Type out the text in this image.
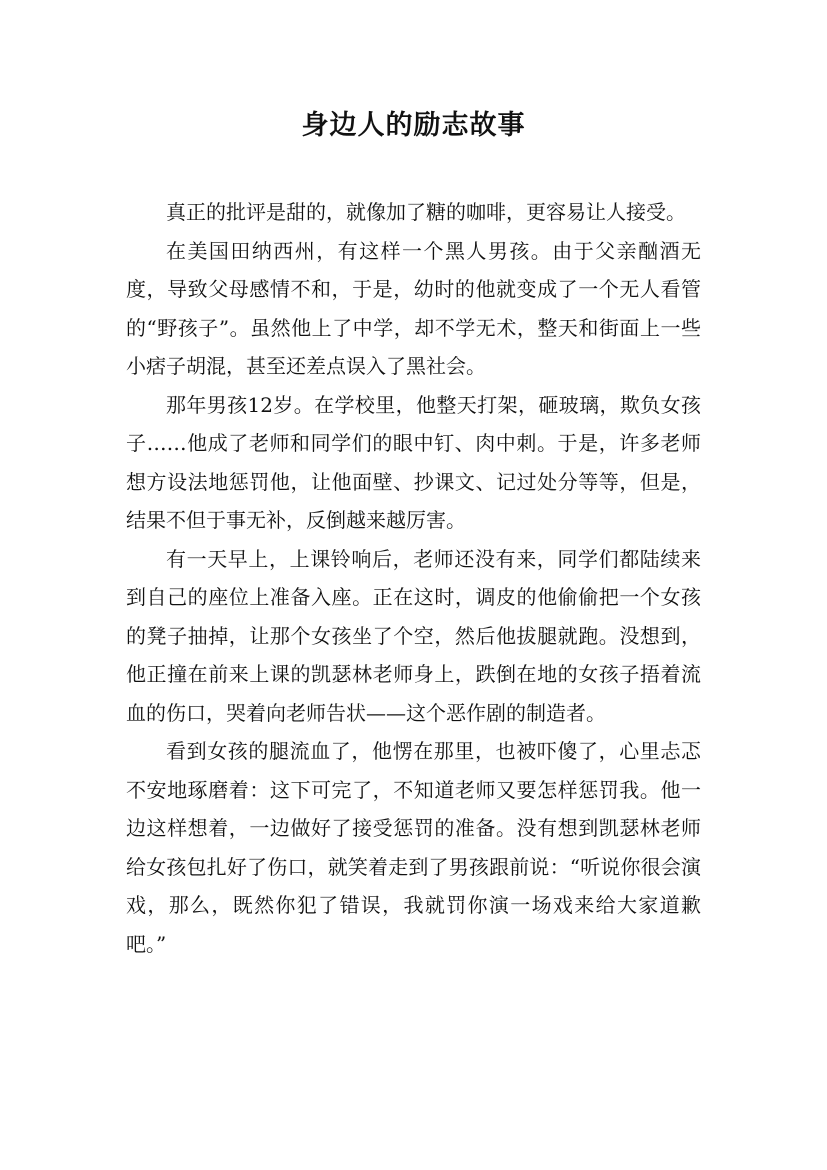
身边人的励志故事

真正的批评是甜的，就像加了糖的咖啡，更容易让人接受。

在美国田纳西州，有这样一个黑人男孩。由于父亲酗酒无度，导致父母感情不和，于是，幼时的他就变成了一个无人看管的“野孩子”。虽然他上了中学，却不学无术，整天和街面上一些小痞子胡混，甚至还差点误入了黑社会。

那年男孩12岁。在学校里，他整天打架，砸玻璃，欺负女孩子……他成了老师和同学们的眼中钉、肉中刺。于是，许多老师想方设法地惩罚他，让他面壁、抄课文、记过处分等等，但是，结果不但于事无补，反倒越来越厉害。

有一天早上，上课铃响后，老师还没有来，同学们都陆续来到自己的座位上准备入座。正在这时，调皮的他偷偷把一个女孩的凳子抽掉，让那个女孩坐了个空，然后他拔腿就跑。没想到，他正撞在前来上课的凯瑟林老师身上，跌倒在地的女孩子捂着流血的伤口，哭着向老师告状——这个恶作剧的制造者。

看到女孩的腿流血了，他愣在那里，也被吓傻了，心里忐忑不安地琢磨着：这下可完了，不知道老师又要怎样惩罚我。他一边这样想着，一边做好了接受惩罚的准备。没有想到凯瑟林老师给女孩包扎好了伤口，就笑着走到了男孩跟前说：“听说你很会演戏，那么，既然你犯了错误，我就罚你演一场戏来给大家道歉吧。”
